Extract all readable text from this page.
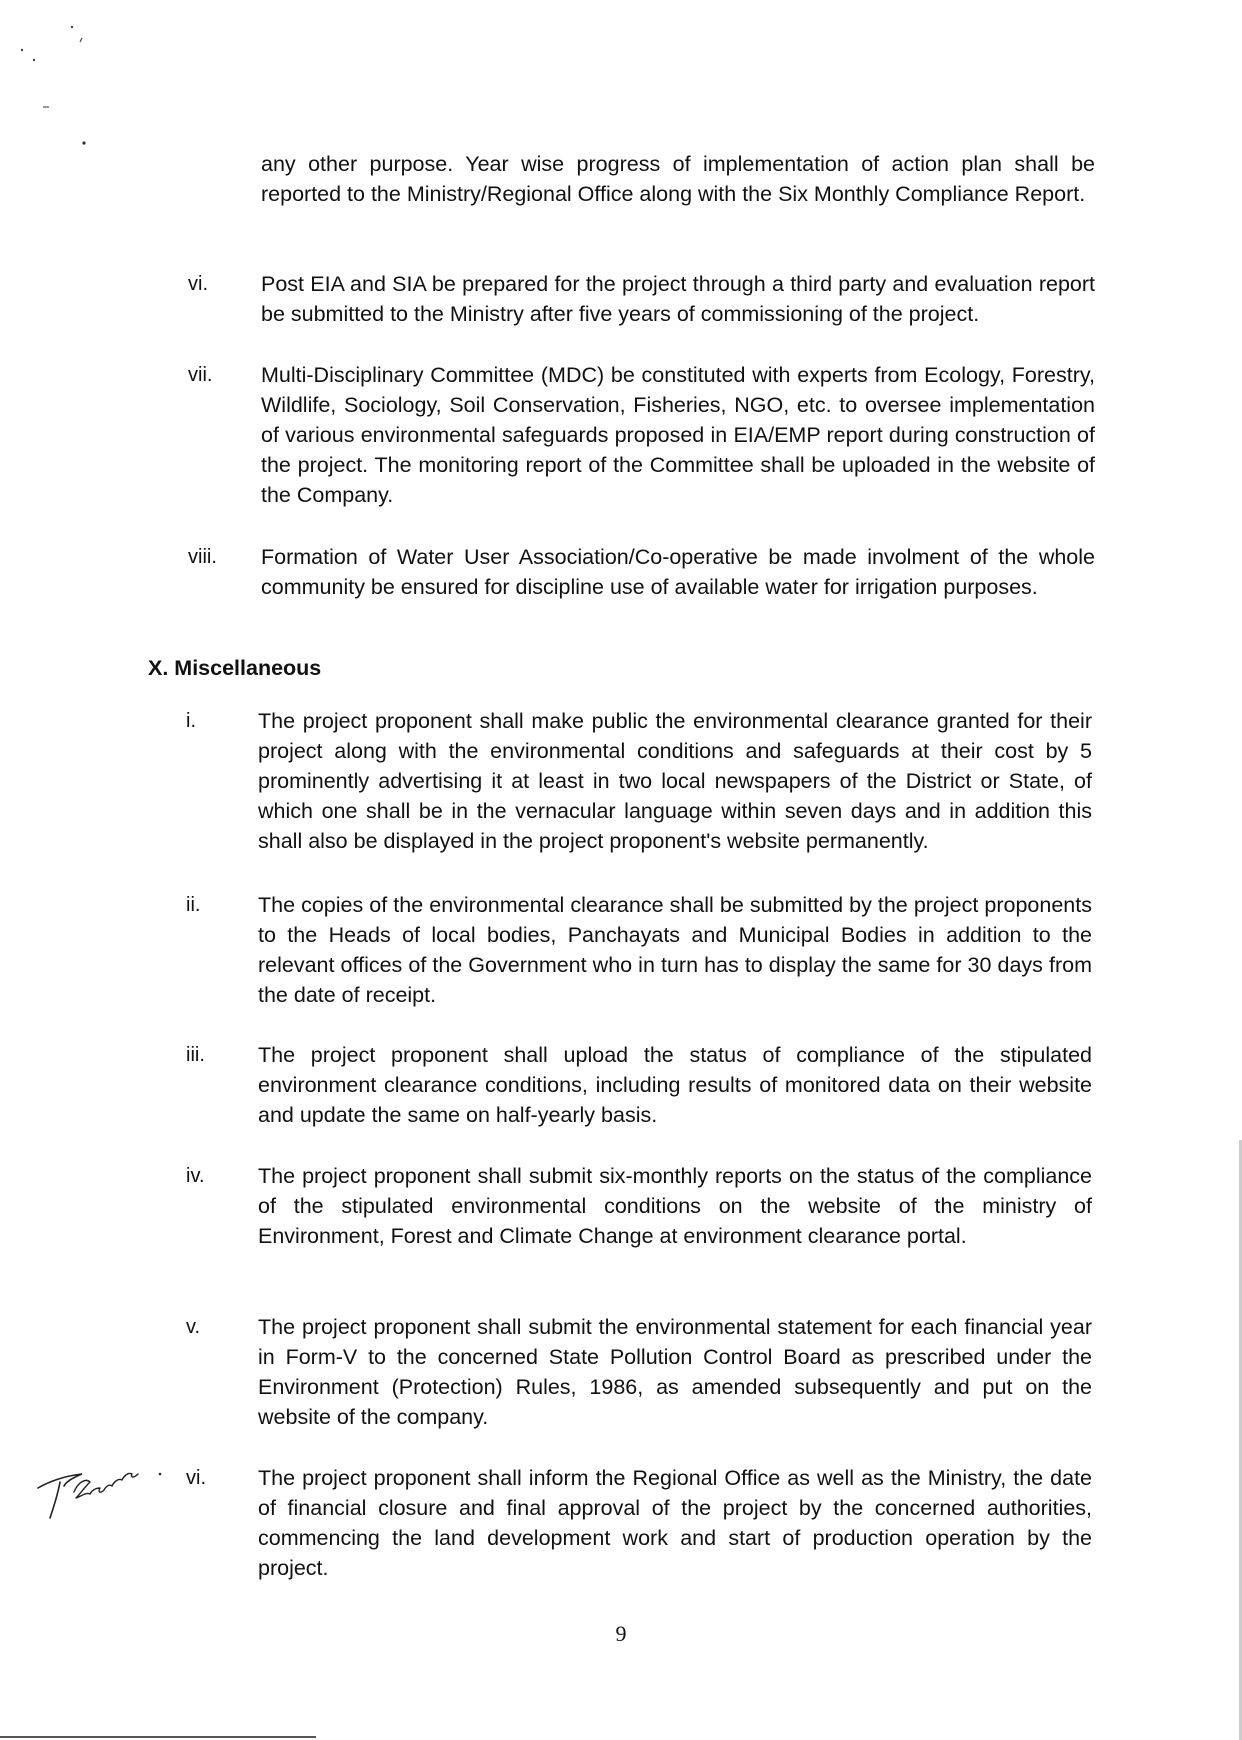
any other purpose. Year wise progress of implementation of action plan shall be reported to the Ministry/Regional Office along with the Six Monthly Compliance Report.

vi. Post EIA and SIA be prepared for the project through a third party and evaluation report be submitted to the Ministry after five years of commissioning of the project.

vii. Multi-Disciplinary Committee (MDC) be constituted with experts from Ecology, Forestry, Wildlife, Sociology, Soil Conservation, Fisheries, NGO, etc. to oversee implementation of various environmental safeguards proposed in EIA/EMP report during construction of the project. The monitoring report of the Committee shall be uploaded in the website of the Company.

viii. Formation of Water User Association/Co-operative be made involment of the whole community be ensured for discipline use of available water for irrigation purposes.

X. Miscellaneous
i.	The project proponent shall make public the environmental clearance granted for their project along with the environmental conditions and safeguards at their cost by 5 prominently advertising it at least in two local newspapers of the District or State, of which one shall be in the vernacular language within seven days and in addition this shall also be displayed in the project proponent's website permanently.

ii.	The copies of the environmental clearance shall be submitted by the project proponents to the Heads of local bodies, Panchayats and Municipal Bodies in addition to the relevant offices of the Government who in turn has to display the same for 30 days from the date of receipt.

iii. The project proponent shall upload the status of compliance of the stipulated environment clearance conditions, including results of monitored data on their website and update the same on half-yearly basis.

iv. The project proponent shall submit six-monthly reports on the status of the compliance of the stipulated environmental conditions on the website of the ministry of Environment, Forest and Climate Change at environment clearance portal.

v.	The project proponent shall submit the environmental statement for each financial year in Form-V to the concerned State Pollution Control Board as prescribed under the Environment (Protection) Rules, 1986, as amended subsequently and put on the website of the company.

vi. The project proponent shall inform the Regional Office as well as the Ministry, the date of financial closure and final approval of the project by the concerned authorities, commencing the land development work and start of production operation by the project.

9
